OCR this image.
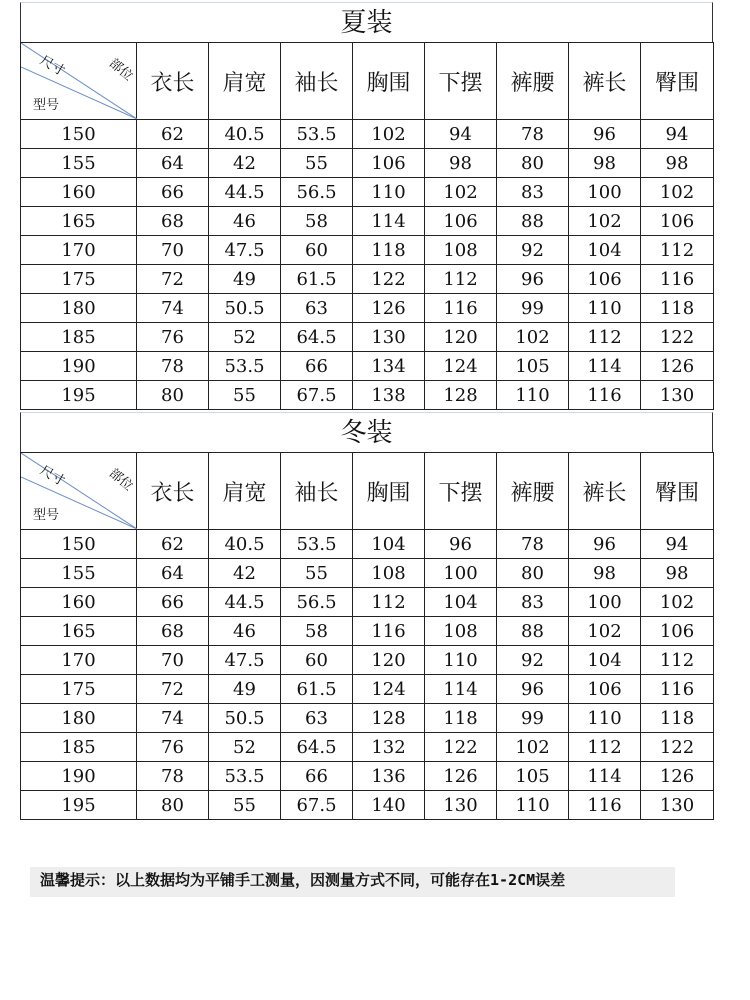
夏装
尺寸 部位
型号	衣长	肩宽	袖长	胸围	下摆	裤腰	裤长	臀围
150	62	40.5	53.5	102	94	78	96	94
155	64	42	55	106	98	80	98	98
160	66	44.5	56.5	110	102	83	100	102
165	68	46	58	114	106	88	102	106
170	70	47.5	60	118	108	92	104	112
175	72	49	61.5	122	112	96	106	116
180	74	50.5	63	126	116	99	110	118
185	76	52	64.5	130	120	102	112	122
190	78	53.5	66	134	124	105	114	126
195	80	55	67.5	138	128	110	116	130
冬装
尺寸 部位
型号	衣长	肩宽	袖长	胸围	下摆	裤腰	裤长	臀围
150	62	40.5	53.5	104	96	78	96	94
155	64	42	55	108	100	80	98	98
160	66	44.5	56.5	112	104	83	100	102
165	68	46	58	116	108	88	102	106
170	70	47.5	60	120	110	92	104	112
175	72	49	61.5	124	114	96	106	116
180	74	50.5	63	128	118	99	110	118
185	76	52	64.5	132	122	102	112	122
190	78	53.5	66	136	126	105	114	126
195	80	55	67.5	140	130	110	116	130
温馨提示：以上数据均为平铺手工测量，因测量方式不同，可能存在1-2CM误差
